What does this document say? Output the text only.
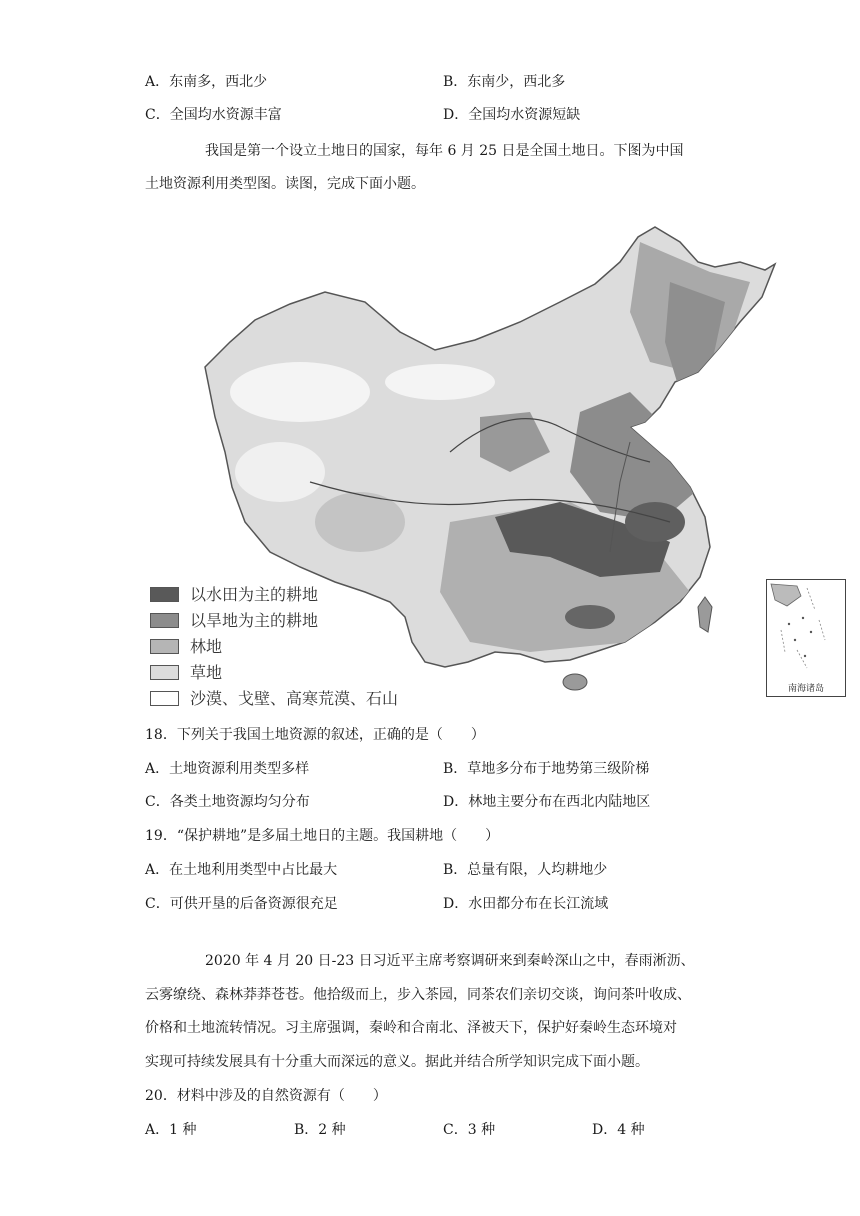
A．东南多，西北少	B．东南少，西北多
C．全国均水资源丰富	D．全国均水资源短缺
我国是第一个设立土地日的国家，每年 6 月 25 日是全国土地日。下图为中国
土地资源利用类型图。读图，完成下面小题。
以水田为主的耕地
以旱地为主的耕地
林地
草地
沙漠、戈壁、高寒荒漠、石山	南海诸岛
18．下列关于我国土地资源的叙述，正确的是（　　）
A．土地资源利用类型多样	B．草地多分布于地势第三级阶梯
C．各类土地资源均匀分布	D．林地主要分布在西北内陆地区
19．“保护耕地”是多届土地日的主题。我国耕地（　　）
A．在土地利用类型中占比最大	B．总量有限，人均耕地少
C．可供开垦的后备资源很充足	D．水田都分布在长江流域
2020 年 4 月 20 日-23 日习近平主席考察调研来到秦岭深山之中，春雨淅沥、
云雾缭绕、森林莽莽苍苍。他拾级而上，步入茶园，同茶农们亲切交谈，询问茶叶收成、
价格和土地流转情况。习主席强调，秦岭和合南北、泽被天下，保护好秦岭生态环境对
实现可持续发展具有十分重大而深远的意义。据此并结合所学知识完成下面小题。
20．材料中涉及的自然资源有（　　）
A．1 种	B．2 种	C．3 种	D．4 种
